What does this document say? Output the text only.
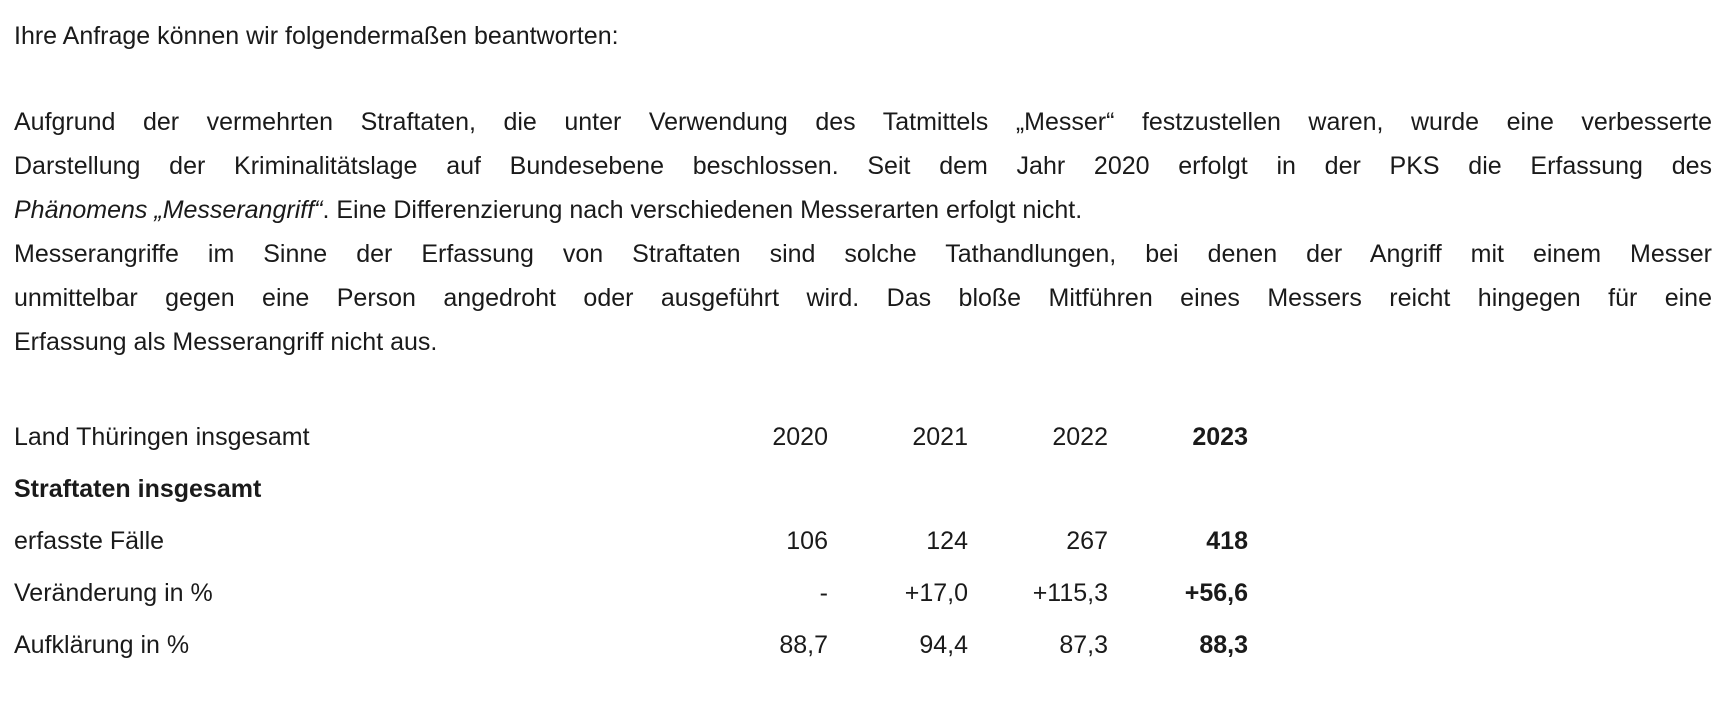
Ihre Anfrage können wir folgendermaßen beantworten:

Aufgrund der vermehrten Straftaten, die unter Verwendung des Tatmittels „Messer“ festzustellen waren, wurde eine verbesserte
Darstellung der Kriminalitätslage auf Bundesebene beschlossen. Seit dem Jahr 2020 erfolgt in der PKS die Erfassung des
Phänomens „Messerangriff“. Eine Differenzierung nach verschiedenen Messerarten erfolgt nicht.
Messerangriffe im Sinne der Erfassung von Straftaten sind solche Tathandlungen, bei denen der Angriff mit einem Messer
unmittelbar gegen eine Person angedroht oder ausgeführt wird. Das bloße Mitführen eines Messers reicht hingegen für eine
Erfassung als Messerangriff nicht aus.
Land Thüringen insgesamt	2020	2021	2022	2023
Straftaten insgesamt				
erfasste Fälle	106	124	267	418
Veränderung in %	-	+17,0	+115,3	+56,6
Aufklärung in %	88,7	94,4	87,3	88,3
